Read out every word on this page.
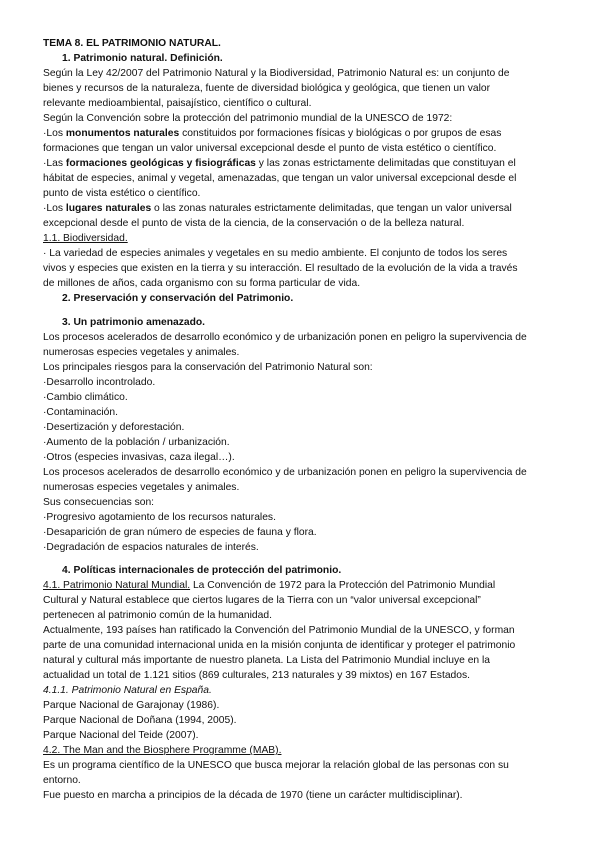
TEMA 8. EL PATRIMONIO NATURAL.
1. Patrimonio natural. Definición.
Según la Ley 42/2007 del Patrimonio Natural y la Biodiversidad, Patrimonio Natural es: un conjunto de
bienes y recursos de la naturaleza, fuente de diversidad biológica y geológica, que tienen un valor
relevante medioambiental, paisajístico, científico o cultural.
Según la Convención sobre la protección del patrimonio mundial de la UNESCO de 1972:
·Los monumentos naturales constituidos por formaciones físicas y biológicas o por grupos de esas
formaciones que tengan un valor universal excepcional desde el punto de vista estético o científico.
·Las formaciones geológicas y fisiográficas y las zonas estrictamente delimitadas que constituyan el
hábitat de especies, animal y vegetal, amenazadas, que tengan un valor universal excepcional desde el
punto de vista estético o científico.
·Los lugares naturales o las zonas naturales estrictamente delimitadas, que tengan un valor universal
excepcional desde el punto de vista de la ciencia, de la conservación o de la belleza natural.
1.1. Biodiversidad.
· La variedad de especies animales y vegetales en su medio ambiente. El conjunto de todos los seres
vivos y especies que existen en la tierra y su interacción. El resultado de la evolución de la vida a través
de millones de años, cada organismo con su forma particular de vida.
2. Preservación y conservación del Patrimonio.
3. Un patrimonio amenazado.
Los procesos acelerados de desarrollo económico y de urbanización ponen en peligro la supervivencia de
numerosas especies vegetales y animales.
Los principales riesgos para la conservación del Patrimonio Natural son:
·Desarrollo incontrolado.
·Cambio climático.
·Contaminación.
·Desertización y deforestación.
·Aumento de la población / urbanización.
·Otros (especies invasivas, caza ilegal…).
Los procesos acelerados de desarrollo económico y de urbanización ponen en peligro la supervivencia de
numerosas especies vegetales y animales.
Sus consecuencias son:
·Progresivo agotamiento de los recursos naturales.
·Desaparición de gran número de especies de fauna y flora.
·Degradación de espacios naturales de interés.
4. Políticas internacionales de protección del patrimonio.
4.1. Patrimonio Natural Mundial. La Convención de 1972 para la Protección del Patrimonio Mundial
Cultural y Natural establece que ciertos lugares de la Tierra con un “valor universal excepcional”
pertenecen al patrimonio común de la humanidad.
Actualmente, 193 países han ratificado la Convención del Patrimonio Mundial de la UNESCO, y forman
parte de una comunidad internacional unida en la misión conjunta de identificar y proteger el patrimonio
natural y cultural más importante de nuestro planeta. La Lista del Patrimonio Mundial incluye en la
actualidad un total de 1.121 sitios (869 culturales, 213 naturales y 39 mixtos) en 167 Estados.
4.1.1. Patrimonio Natural en España.
Parque Nacional de Garajonay (1986).
Parque Nacional de Doñana (1994, 2005).
Parque Nacional del Teide (2007).
4.2. The Man and the Biosphere Programme (MAB).
Es un programa científico de la UNESCO que busca mejorar la relación global de las personas con su
entorno.
Fue puesto en marcha a principios de la década de 1970 (tiene un carácter multidisciplinar).
